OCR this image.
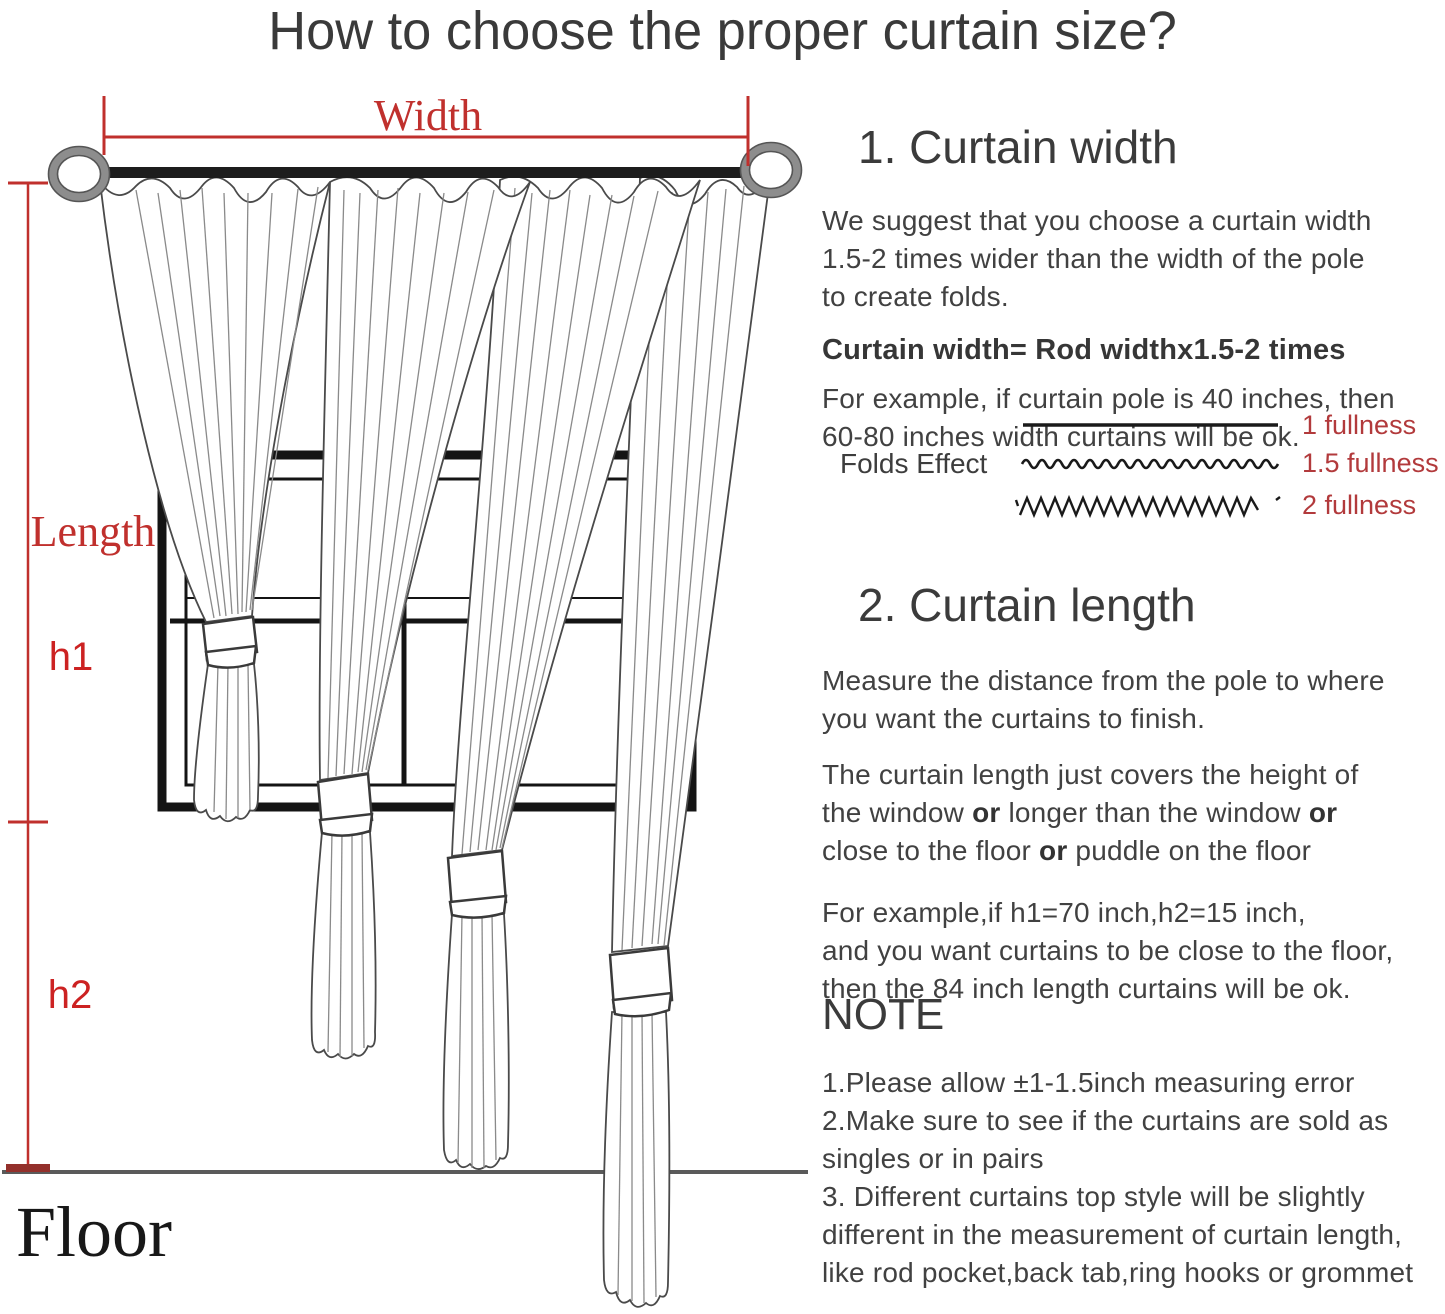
How to choose the proper curtain size?
Width
Length
h1
h2
Floor
1. Curtain width
We suggest that you choose a curtain width
1.5-2 times wider than the width of the pole
to create folds.
Curtain width= Rod widthx1.5-2 times
For example, if curtain pole is 40 inches, then
60-80 inches width curtains will be ok.
Folds Effect
1 fullness
1.5 fullness
2 fullness
2. Curtain length
Measure the distance from the pole to where
you want the curtains to finish.
The curtain length just covers the height of
the window or longer than the window or
close to the floor or puddle on the floor
For example,if h1=70 inch,h2=15 inch,
and you want curtains to be close to the floor,
then the 84 inch length curtains will be ok.
NOTE
1.Please allow ±1-1.5inch measuring error
2.Make sure to see if the curtains are sold as
singles or in pairs
3. Different curtains top style will be slightly
different in the measurement of curtain length,
like rod pocket,back tab,ring hooks or grommet
